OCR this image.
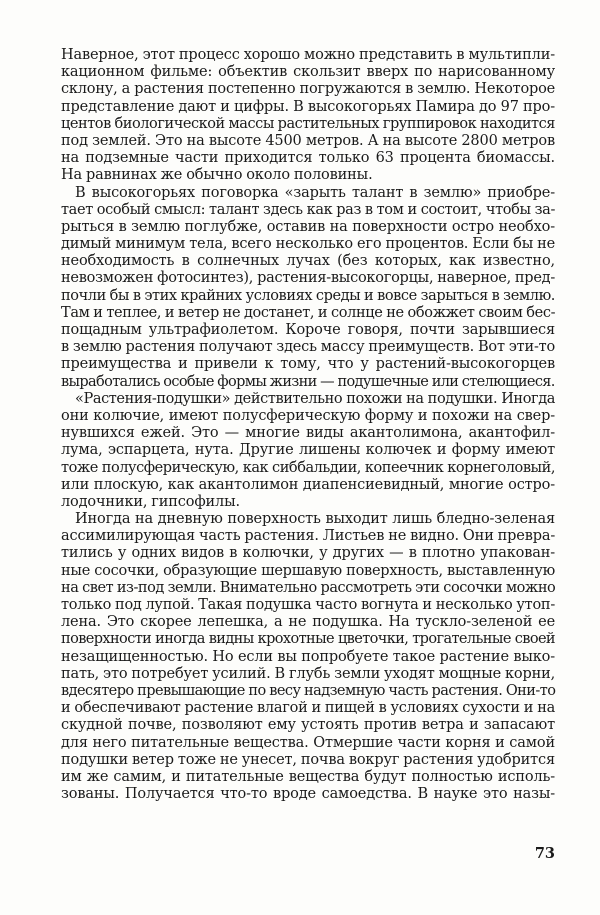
Наверное, этот процесс хорошо можно представить в мультипли-
кационном фильме: объектив скользит вверх по нарисованному
склону, а растения постепенно погружаются в землю. Некоторое
представление дают и цифры. В высокогорьях Памира до 97 про-
центов биологической массы растительных группировок находится
под землей. Это на высоте 4500 метров. А на высоте 2800 метров
на подземные части приходится только 63 процента биомассы.
На равнинах же обычно около половины.
В высокогорьях поговорка «зарыть талант в землю» приобре-
тает особый смысл: талант здесь как раз в том и состоит, чтобы за-
рыться в землю поглубже, оставив на поверхности остро необхо-
димый минимум тела, всего несколько его процентов. Если бы не
необходимость в солнечных лучах (без которых, как известно,
невозможен фотосинтез), растения-высокогорцы, наверное, пред-
почли бы в этих крайних условиях среды и вовсе зарыться в землю.
Там и теплее, и ветер не достанет, и солнце не обожжет своим бес-
пощадным ультрафиолетом. Короче говоря, почти зарывшиеся
в землю растения получают здесь массу преимуществ. Вот эти-то
преимущества и привели к тому, что у растений-высокогорцев
выработались особые формы жизни — подушечные или стелющиеся.
«Растения-подушки» действительно похожи на подушки. Иногда
они колючие, имеют полусферическую форму и похожи на свер-
нувшихся ежей. Это — многие виды акантолимона, акантофил-
лума, эспарцета, нута. Другие лишены колючек и форму имеют
тоже полусферическую, как сиббальдии, копеечник корнеголовый,
или плоскую, как акантолимон диапенсиевидный, многие остро-
лодочники, гипсофилы.
Иногда на дневную поверхность выходит лишь бледно-зеленая
ассимилирующая часть растения. Листьев не видно. Они превра-
тились у одних видов в колючки, у других — в плотно упакован-
ные сосочки, образующие шершавую поверхность, выставленную
на свет из-под земли. Внимательно рассмотреть эти сосочки можно
только под лупой. Такая подушка часто вогнута и несколько утоп-
лена. Это скорее лепешка, а не подушка. На тускло-зеленой ее
поверхности иногда видны крохотные цветочки, трогательные своей
незащищенностью. Но если вы попробуете такое растение выко-
пать, это потребует усилий. В глубь земли уходят мощные корни,
вдесятеро превышающие по весу надземную часть растения. Они-то
и обеспечивают растение влагой и пищей в условиях сухости и на
скудной почве, позволяют ему устоять против ветра и запасают
для него питательные вещества. Отмершие части корня и самой
подушки ветер тоже не унесет, почва вокруг растения удобрится
им же самим, и питательные вещества будут полностью исполь-
зованы. Получается что-то вроде самоедства. В науке это назы-
73
